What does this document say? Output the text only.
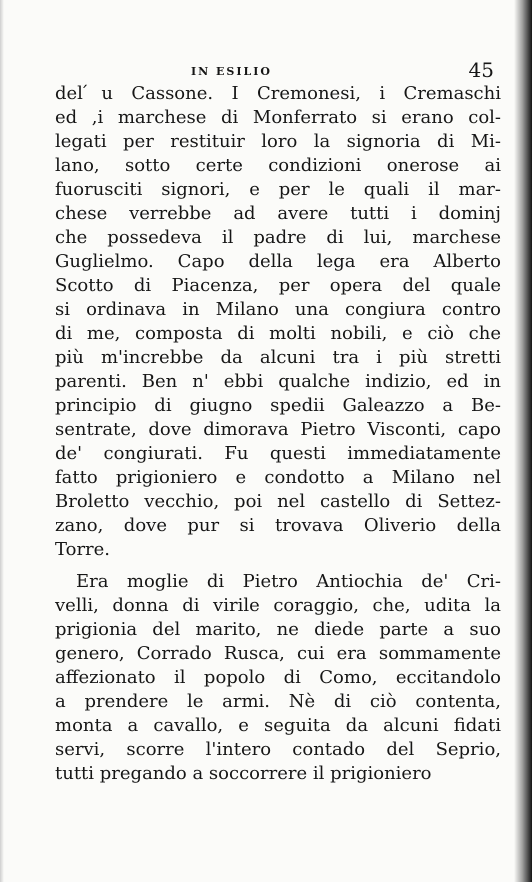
IN ESILIO	45
del ́u Cassone. I Cremonesi, i Cremaschi
ed ,i marchese di Monferrato si erano col-
legati per restituir loro la signoria di Mi-
lano, sotto certe condizioni onerose ai
fuorusciti signori, e per le quali il mar-
chese verrebbe ad avere tutti i dominj
che possedeva il padre di lui, marchese
Guglielmo. Capo della lega era Alberto
Scotto di Piacenza, per opera del quale
si ordinava in Milano una congiura contro
di me, composta di molti nobili, e ciò che
più m'increbbe da alcuni tra i più stretti
parenti. Ben n' ebbi qualche indizio, ed in
principio di giugno spedii Galeazzo a Be-
sentrate, dove dimorava Pietro Visconti, capo
de' congiurati. Fu questi immediatamente
fatto prigioniero e condotto a Milano nel
Broletto vecchio, poi nel castello di Settez-
zano, dove pur si trovava Oliverio della
Torre.
Era moglie di Pietro Antiochia de' Cri-
velli, donna di virile coraggio, che, udita la
prigionia del marito, ne diede parte a suo
genero, Corrado Rusca, cui era sommamente
affezionato il popolo di Como, eccitandolo
a prendere le armi. Nè di ciò contenta,
monta a cavallo, e seguita da alcuni fidati
servi, scorre l'intero contado del Seprio,
tutti pregando a soccorrere il prigioniero
